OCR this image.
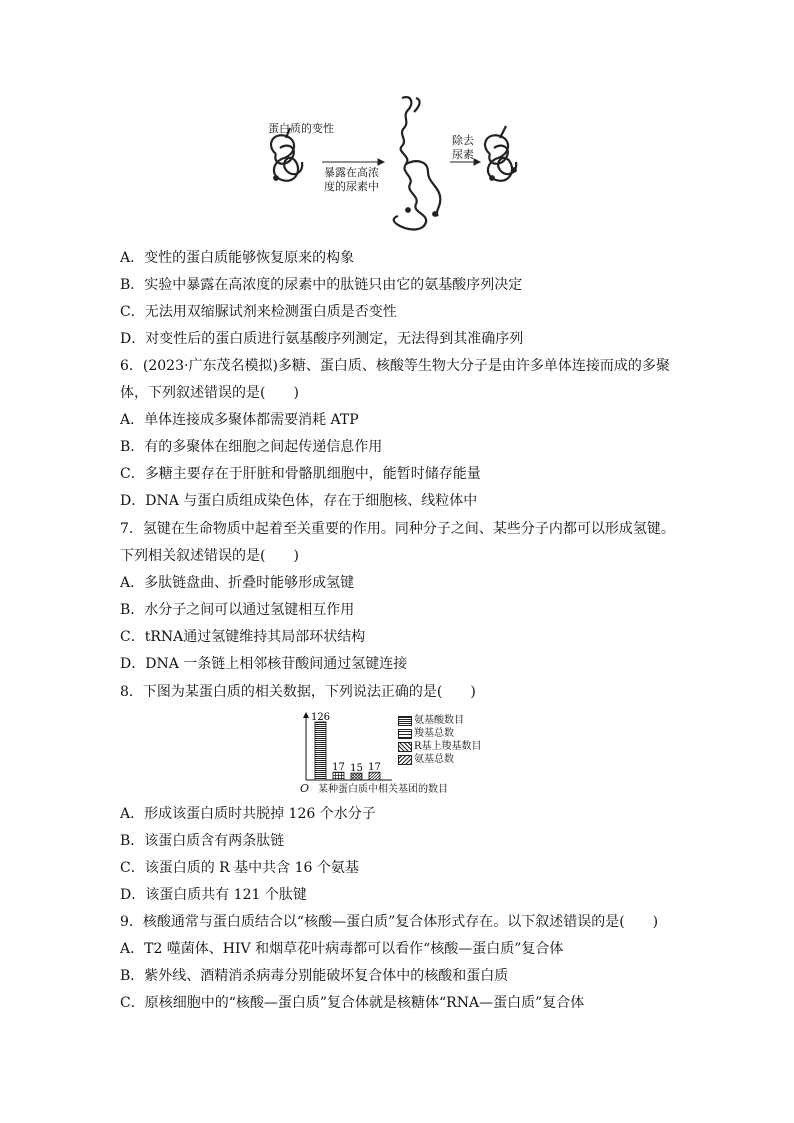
蛋白质的变性
暴露在高浓
度的尿素中
除去
尿素
A．变性的蛋白质能够恢复原来的构象
B．实验中暴露在高浓度的尿素中的肽链只由它的氨基酸序列决定
C．无法用双缩脲试剂来检测蛋白质是否变性
D．对变性后的蛋白质进行氨基酸序列测定，无法得到其准确序列
6．(2023·广东茂名模拟)多糖、蛋白质、核酸等生物大分子是由许多单体连接而成的多聚
体，下列叙述错误的是(　　)
A．单体连接成多聚体都需要消耗 ATP
B．有的多聚体在细胞之间起传递信息作用
C．多糖主要存在于肝脏和骨骼肌细胞中，能暂时储存能量
D．DNA 与蛋白质组成染色体，存在于细胞核、线粒体中
7．氢键在生命物质中起着至关重要的作用。同种分子之间、某些分子内都可以形成氢键。
下列相关叙述错误的是(　　)
A．多肽链盘曲、折叠时能够形成氢键
B．水分子之间可以通过氢键相互作用
C．tRNA通过氢键维持其局部环状结构
D．DNA 一条链上相邻核苷酸间通过氢键连接
8．下图为某蛋白质的相关数据，下列说法正确的是(　　)
126
17 15 17
O 某种蛋白质中相关基团的数目
氨基酸数目
羧基总数
R基上羧基数目
氨基总数
A．形成该蛋白质时共脱掉 126 个水分子
B．该蛋白质含有两条肽链
C．该蛋白质的 R 基中共含 16 个氨基
D．该蛋白质共有 121 个肽键
9．核酸通常与蛋白质结合以“核酸—蛋白质”复合体形式存在。以下叙述错误的是(　　)
A．T2 噬菌体、HIV 和烟草花叶病毒都可以看作“核酸—蛋白质”复合体
B．紫外线、酒精消杀病毒分别能破坏复合体中的核酸和蛋白质
C．原核细胞中的“核酸—蛋白质”复合体就是核糖体“RNA—蛋白质”复合体
